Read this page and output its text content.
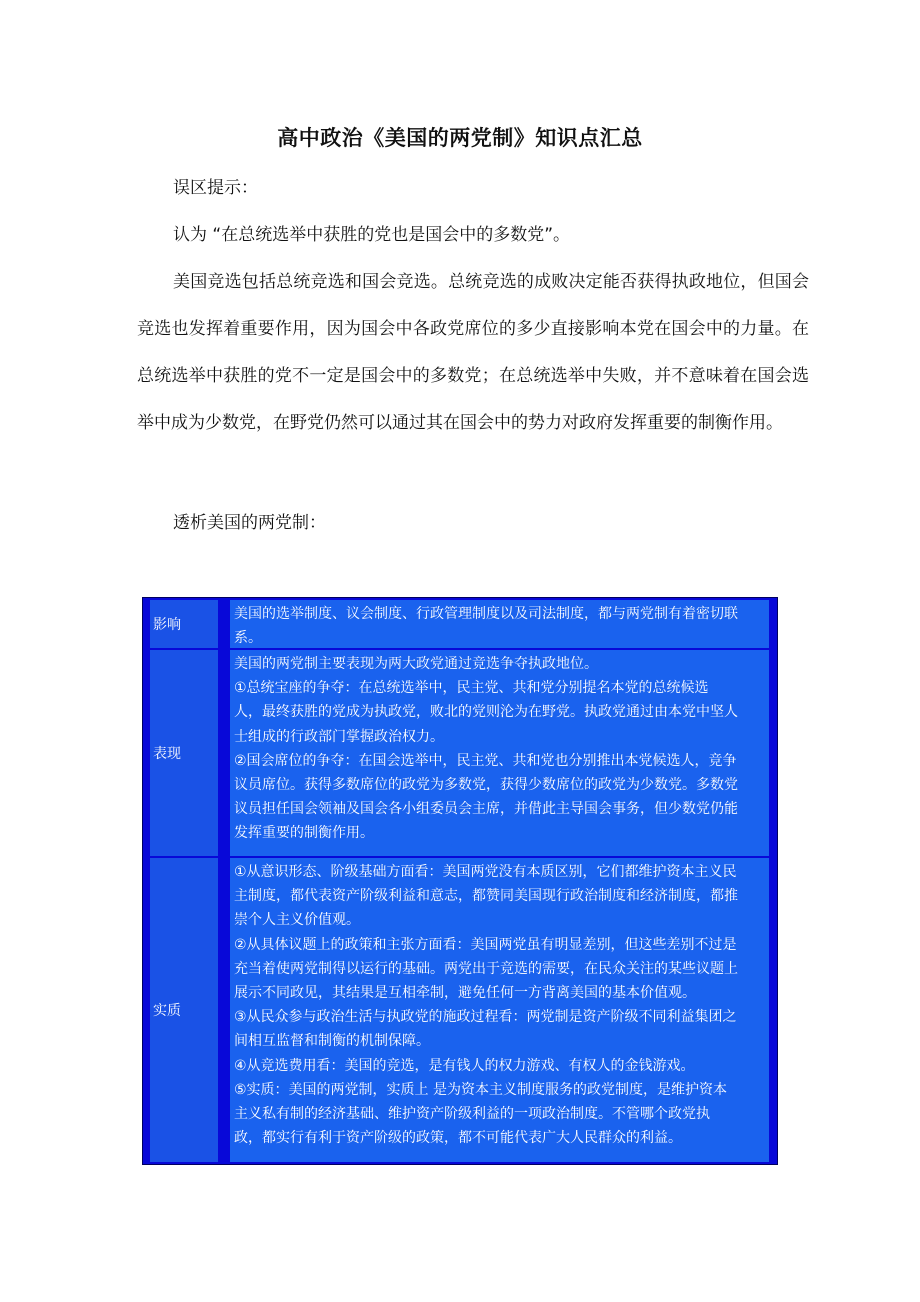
高中政治《美国的两党制》知识点汇总
误区提示：
认为 “在总统选举中获胜的党也是国会中的多数党”。
美国竞选包括总统竞选和国会竞选。总统竞选的成败决定能否获得执政地位，但国会竞选也发挥着重要作用，因为国会中各政党席位的多少直接影响本党在国会中的力量。在总统选举中获胜的党不一定是国会中的多数党；在总统选举中失败，并不意味着在国会选举中成为少数党，在野党仍然可以通过其在国会中的势力对政府发挥重要的制衡作用。
透析美国的两党制：
影响
美国的选举制度、议会制度、行政管理制度以及司法制度，都与两党制有着密切联
系。
表现
美国的两党制主要表现为两大政党通过竞选争夺执政地位。
①总统宝座的争夺：在总统选举中，民主党、共和党分别提名本党的总统候选
人，最终获胜的党成为执政党，败北的党则沦为在野党。执政党通过由本党中坚人
士组成的行政部门掌握政治权力。
②国会席位的争夺：在国会选举中，民主党、共和党也分别推出本党候选人，竞争
议员席位。获得多数席位的政党为多数党，获得少数席位的政党为少数党。多数党
议员担任国会领袖及国会各小组委员会主席，并借此主导国会事务，但少数党仍能
发挥重要的制衡作用。
实质
①从意识形态、阶级基础方面看：美国两党没有本质区别，它们都维护资本主义民
主制度，都代表资产阶级利益和意志，都赞同美国现行政治制度和经济制度，都推
崇个人主义价值观。
②从具体议题上的政策和主张方面看：美国两党虽有明显差别，但这些差别不过是
充当着使两党制得以运行的基础。两党出于竞选的需要，在民众关注的某些议题上
展示不同政见，其结果是互相牵制，避免任何一方背离美国的基本价值观。
③从民众参与政治生活与执政党的施政过程看：两党制是资产阶级不同利益集团之
间相互监督和制衡的机制保障。
④从竞选费用看：美国的竞选，是有钱人的权力游戏、有权人的金钱游戏。
⑤实质：美国的两党制，实质上 是为资本主义制度服务的政党制度，是维护资本
主义私有制的经济基础、维护资产阶级利益的一项政治制度。不管哪个政党执
政，都实行有利于资产阶级的政策，都不可能代表广大人民群众的利益。
